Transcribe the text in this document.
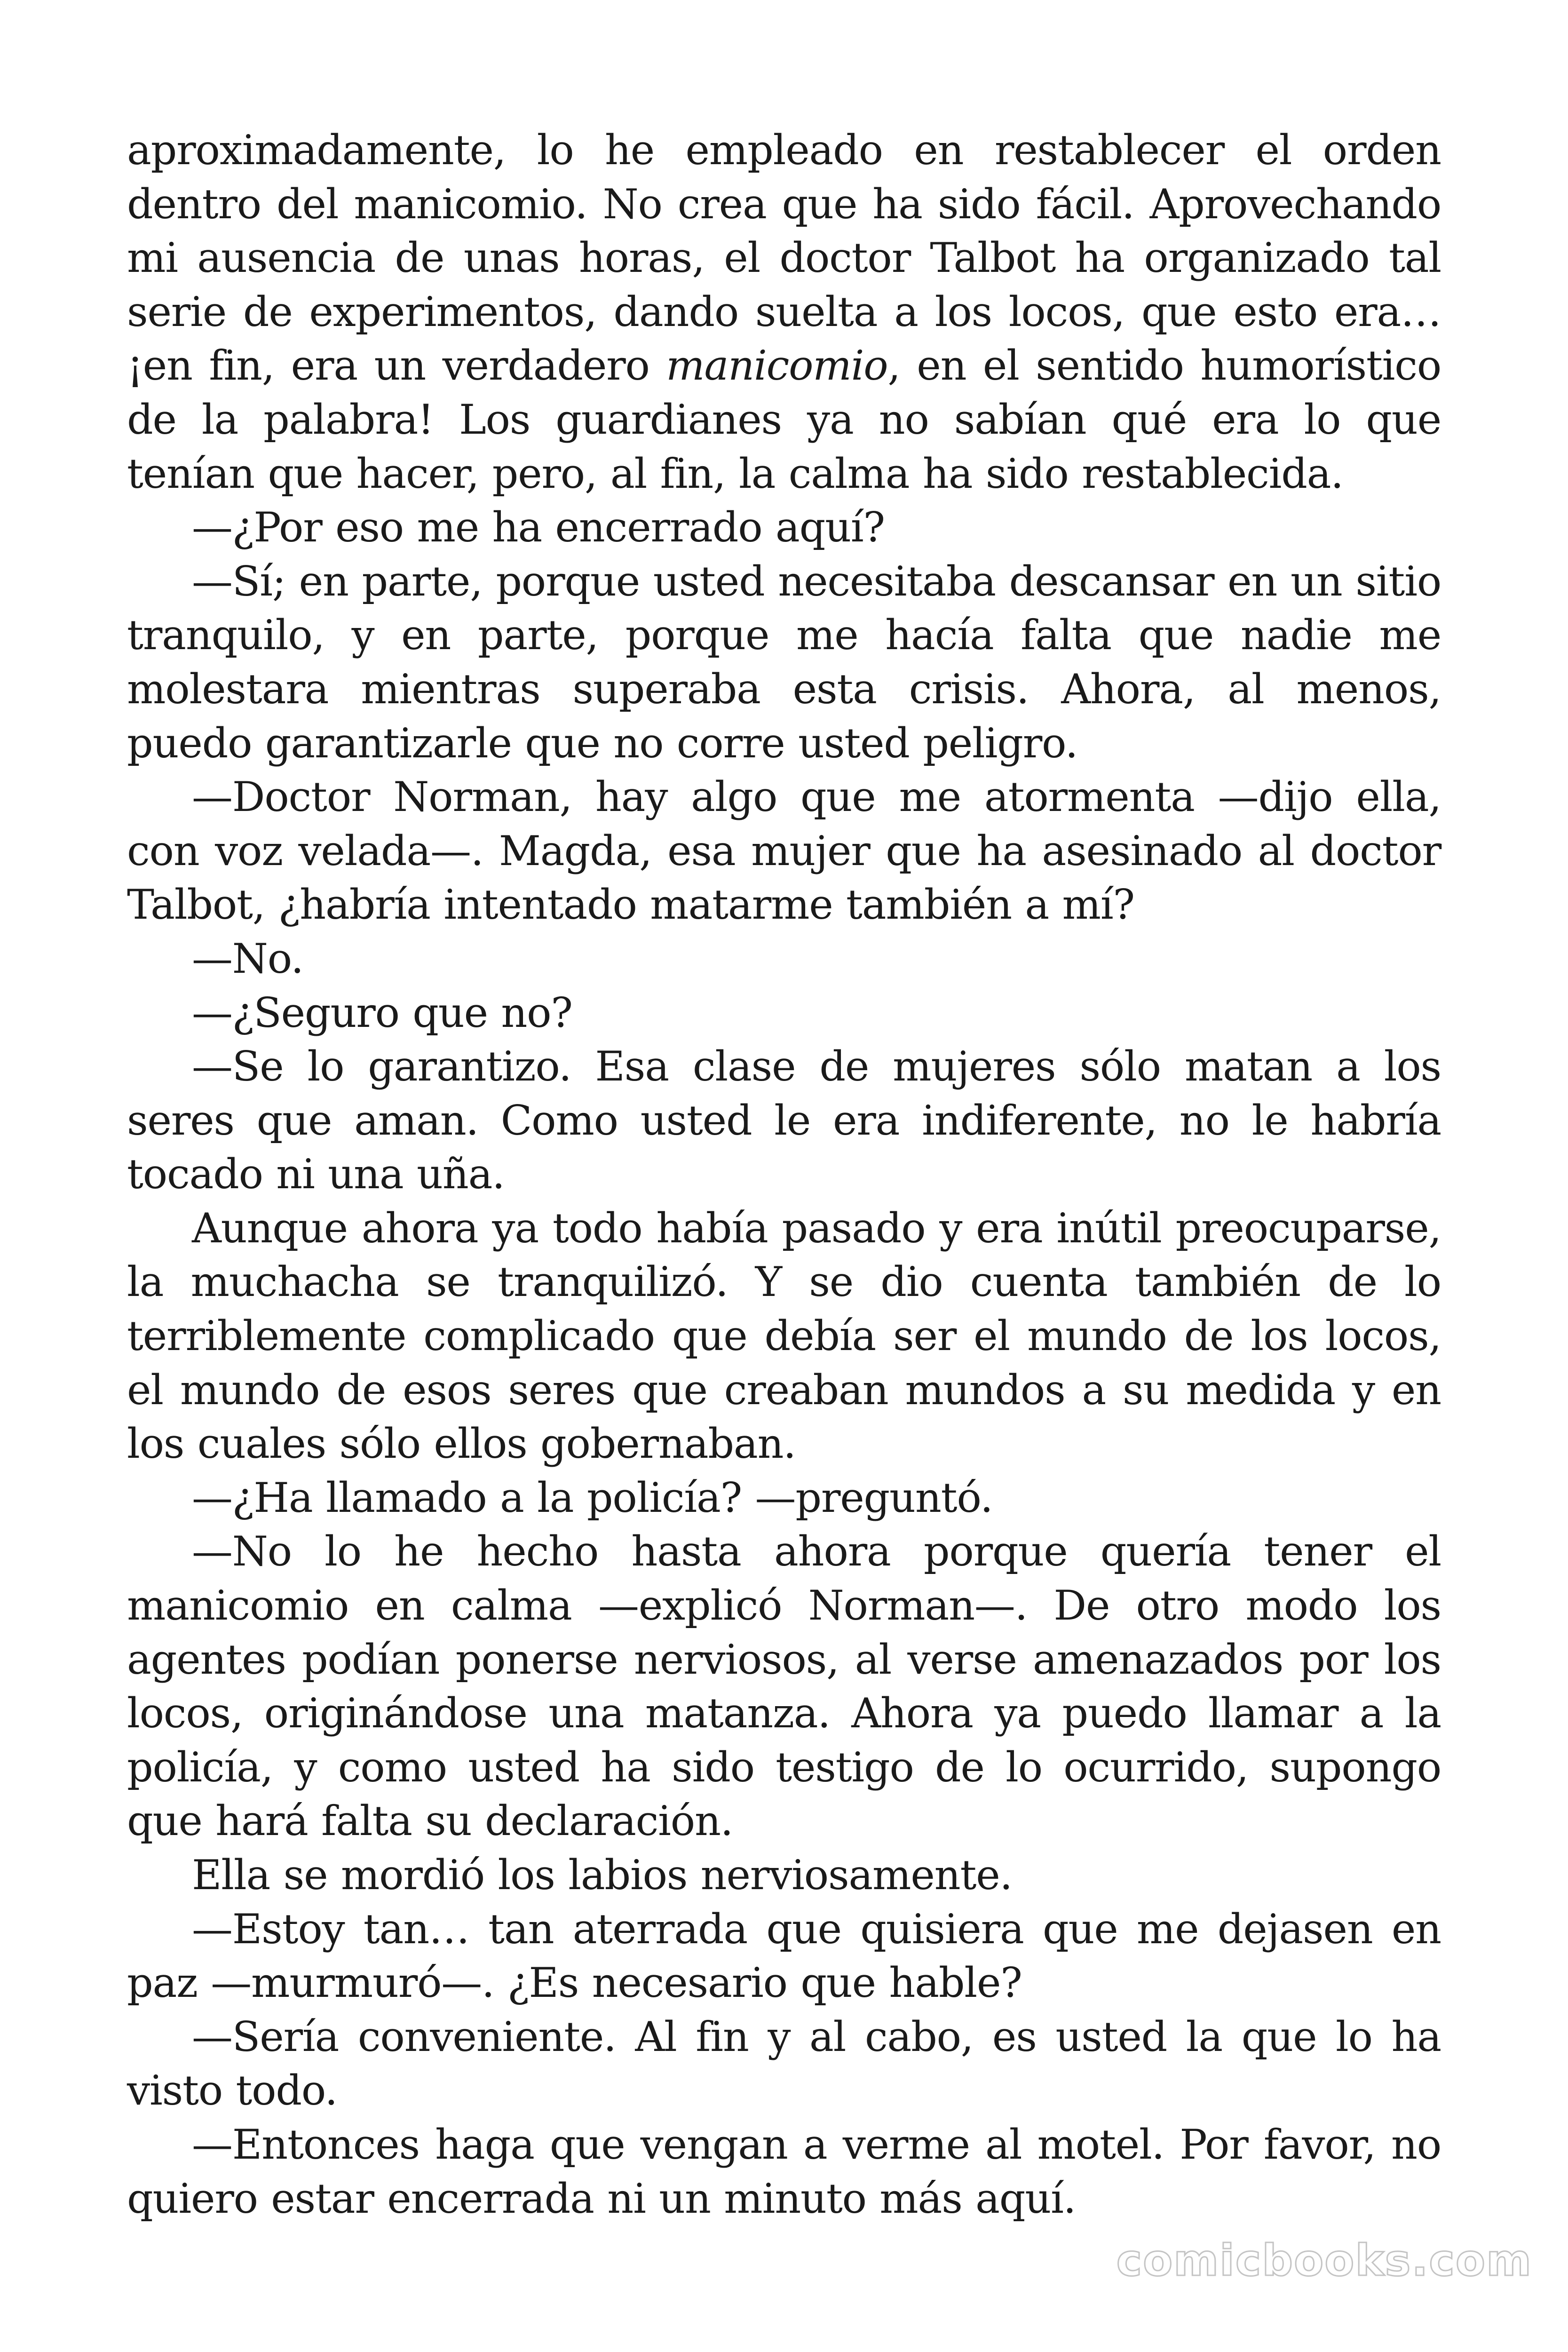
aproximadamente, lo he empleado en restablecer el orden dentro del manicomio. No crea que ha sido fácil. Aprovechando mi ausencia de unas horas, el doctor Talbot ha organizado tal serie de experimentos, dando suelta a los locos, que esto era… ¡en fin, era un verdadero manicomio, en el sentido humorístico de la palabra! Los guardianes ya no sabían qué era lo que tenían que hacer, pero, al fin, la calma ha sido restablecida.

—¿Por eso me ha encerrado aquí?

—Sí; en parte, porque usted necesitaba descansar en un sitio tranquilo, y en parte, porque me hacía falta que nadie me molestara mientras superaba esta crisis. Ahora, al menos, puedo garantizarle que no corre usted peligro.

—Doctor Norman, hay algo que me atormenta —dijo ella, con voz velada—. Magda, esa mujer que ha asesinado al doctor Talbot, ¿habría intentado matarme también a mí?

—No.

—¿Seguro que no?

—Se lo garantizo. Esa clase de mujeres sólo matan a los seres que aman. Como usted le era indiferente, no le habría tocado ni una uña.

Aunque ahora ya todo había pasado y era inútil preocuparse, la muchacha se tranquilizó. Y se dio cuenta también de lo terriblemente complicado que debía ser el mundo de los locos, el mundo de esos seres que creaban mundos a su medida y en los cuales sólo ellos gobernaban.

—¿Ha llamado a la policía? —preguntó.

—No lo he hecho hasta ahora porque quería tener el manicomio en calma —explicó Norman—. De otro modo los agentes podían ponerse nerviosos, al verse amenazados por los locos, originándose una matanza. Ahora ya puedo llamar a la policía, y como usted ha sido testigo de lo ocurrido, supongo que hará falta su declaración.

Ella se mordió los labios nerviosamente.

—Estoy tan… tan aterrada que quisiera que me dejasen en paz —murmuró—. ¿Es necesario que hable?

—Sería conveniente. Al fin y al cabo, es usted la que lo ha visto todo.

—Entonces haga que vengan a verme al motel. Por favor, no quiero estar encerrada ni un minuto más aquí.

comicbooks.com
